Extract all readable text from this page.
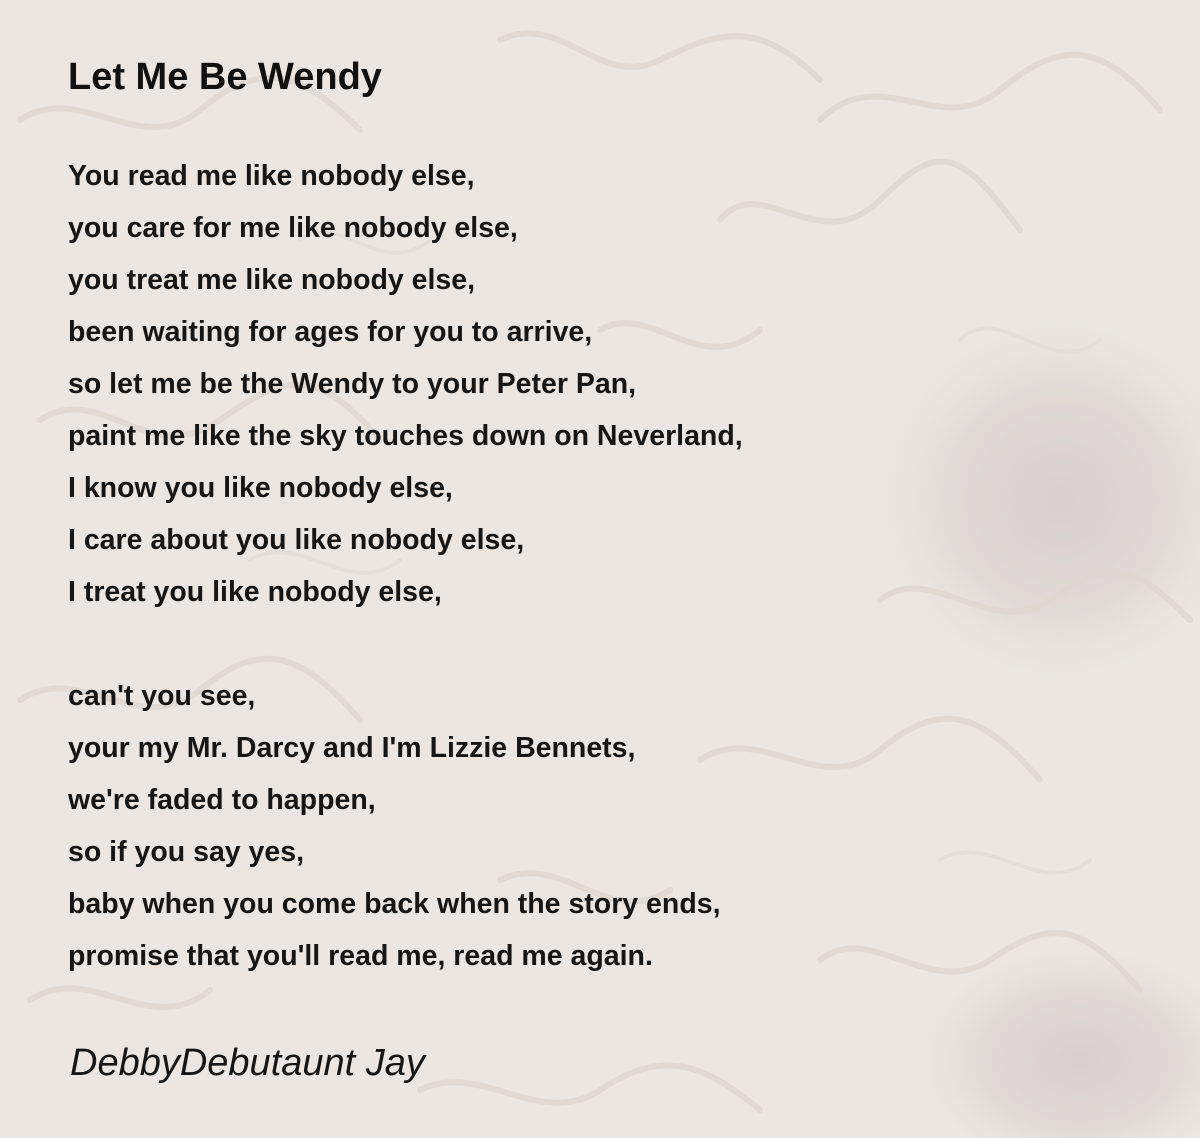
Let Me Be Wendy
You read me like nobody else,
you care for me like nobody else,
you treat me like nobody else,
been waiting for ages for you to arrive,
so let me be the Wendy to your Peter Pan,
paint me like the sky touches down on Neverland,
I know you like nobody else,
I care about you like nobody else,
I treat you like nobody else,
can't you see,
your my Mr. Darcy and I'm Lizzie Bennets,
we're faded to happen,
so if you say yes,
baby when you come back when the story ends,
promise that you'll read me, read me again.

DebbyDebutaunt Jay
